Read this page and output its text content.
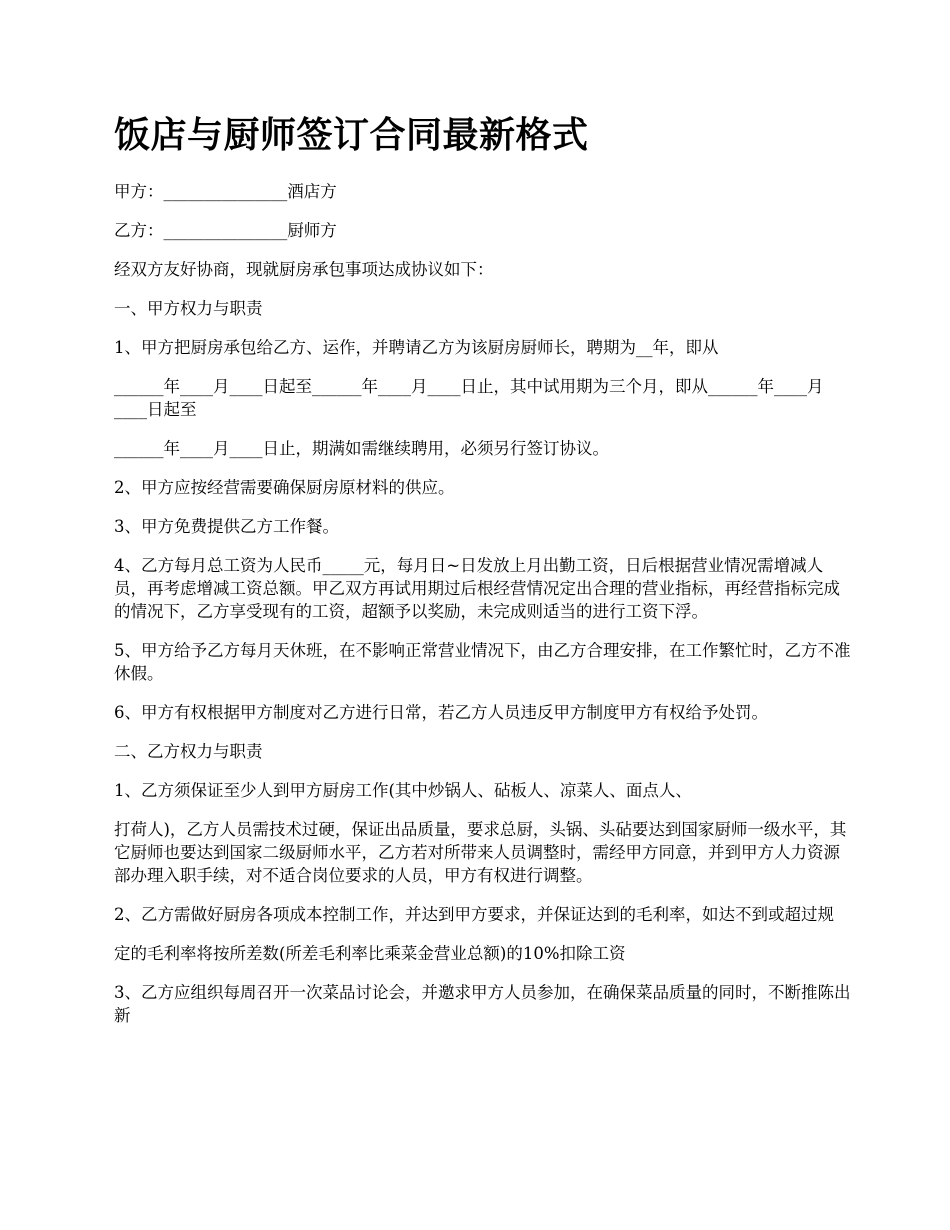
饭店与厨师签订合同最新格式

甲方：_______________酒店方

乙方：_______________厨师方

经双方友好协商，现就厨房承包事项达成协议如下：

一、甲方权力与职责

1、甲方把厨房承包给乙方、运作，并聘请乙方为该厨房厨师长，聘期为__年，即从

______年____月____日起至______年____月____日止，其中试用期为三个月，即从______年____月____日起至

______年____月____日止，期满如需继续聘用，必须另行签订协议。

2、甲方应按经营需要确保厨房原材料的供应。

3、甲方免费提供乙方工作餐。

4、乙方每月总工资为人民币_____元，每月日~日发放上月出勤工资，日后根据营业情况需增减人员，再考虑增减工资总额。甲乙双方再试用期过后根经营情况定出合理的营业指标，再经营指标完成的情况下，乙方享受现有的工资，超额予以奖励，未完成则适当的进行工资下浮。

5、甲方给予乙方每月天休班，在不影响正常营业情况下，由乙方合理安排，在工作繁忙时，乙方不准休假。

6、甲方有权根据甲方制度对乙方进行日常，若乙方人员违反甲方制度甲方有权给予处罚。

二、乙方权力与职责

1、乙方须保证至少人到甲方厨房工作(其中炒锅人、砧板人、凉菜人、面点人、

打荷人)，乙方人员需技术过硬，保证出品质量，要求总厨，头锅、头砧要达到国家厨师一级水平，其它厨师也要达到国家二级厨师水平，乙方若对所带来人员调整时，需经甲方同意，并到甲方人力资源部办理入职手续，对不适合岗位要求的人员，甲方有权进行调整。

2、乙方需做好厨房各项成本控制工作，并达到甲方要求，并保证达到的毛利率，如达不到或超过规

定的毛利率将按所差数(所差毛利率比乘菜金营业总额)的10%扣除工资

3、乙方应组织每周召开一次菜品讨论会，并邀求甲方人员参加，在确保菜品质量的同时，不断推陈出新
